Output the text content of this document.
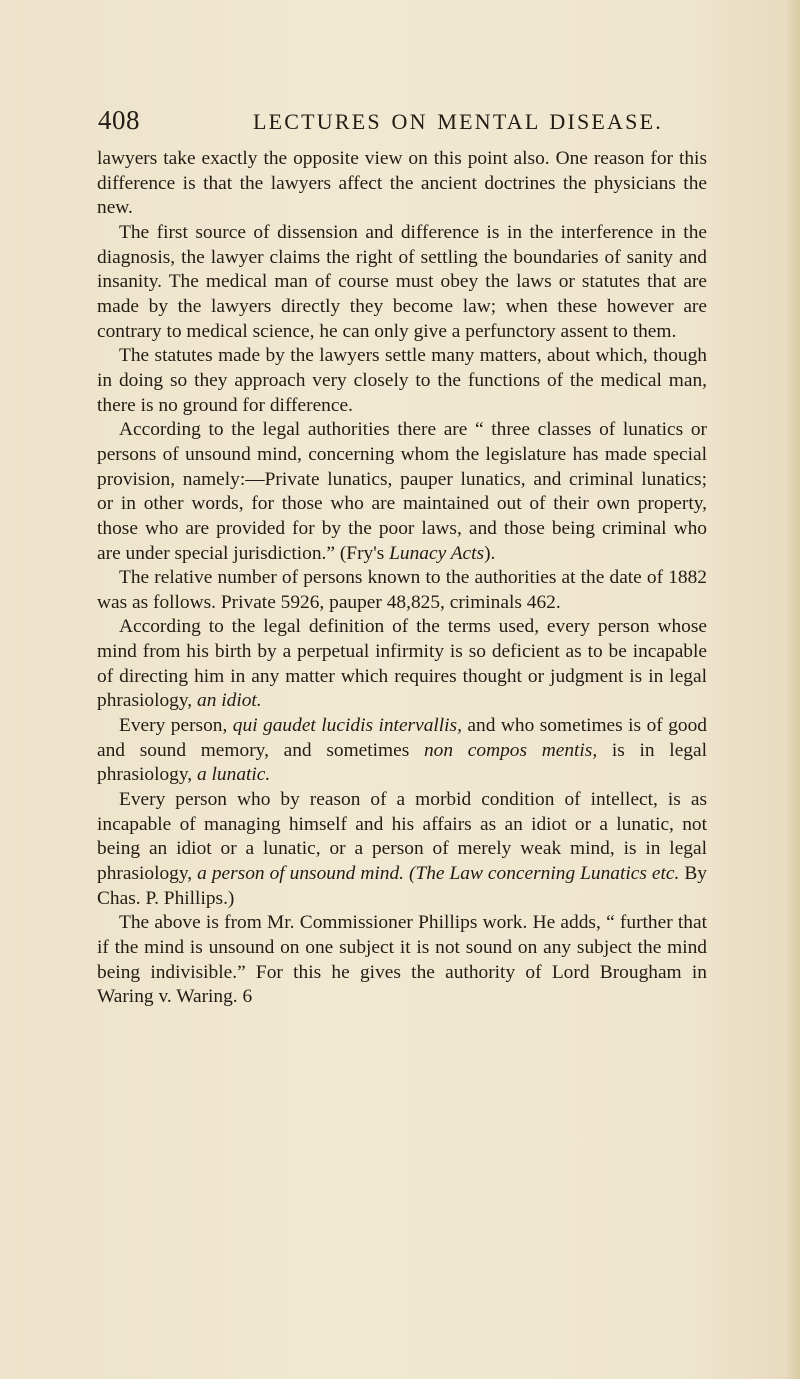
408	LECTURES ON MENTAL DISEASE.

lawyers take exactly the opposite view on this point also. One reason for this difference is that the lawyers affect the ancient doctrines the physicians the new.

The first source of dissension and difference is in the interference in the diagnosis, the lawyer claims the right of settling the boundaries of sanity and insanity. The medical man of course must obey the laws or statutes that are made by the lawyers directly they become law; when these however are contrary to medical science, he can only give a perfunctory assent to them.

The statutes made by the lawyers settle many matters, about which, though in doing so they approach very closely to the functions of the medical man, there is no ground for difference.

According to the legal authorities there are “ three classes of lunatics or persons of unsound mind, concerning whom the legislature has made special provision, namely:—Private lunatics, pauper lunatics, and criminal lunatics; or in other words, for those who are maintained out of their own property, those who are provided for by the poor laws, and those being criminal who are under special jurisdiction.” (Fry's Lunacy Acts).

The relative number of persons known to the authorities at the date of 1882 was as follows. Private 5926, pauper 48,825, criminals 462.

According to the legal definition of the terms used, every person whose mind from his birth by a perpetual infirmity is so deficient as to be incapable of directing him in any matter which requires thought or judgment is in legal phrasiology, an idiot.

Every person, qui gaudet lucidis intervallis, and who sometimes is of good and sound memory, and sometimes non compos mentis, is in legal phrasiology, a lunatic.

Every person who by reason of a morbid condition of intellect, is as incapable of managing himself and his affairs as an idiot or a lunatic, not being an idiot or a lunatic, or a person of merely weak mind, is in legal phrasiology, a person of unsound mind. (The Law concerning Lunatics etc. By Chas. P. Phillips.)

The above is from Mr. Commissioner Phillips work. He adds, “ further that if the mind is unsound on one subject it is not sound on any subject the mind being indivisible.” For this he gives the authority of Lord Brougham in Waring v. Waring. 6
